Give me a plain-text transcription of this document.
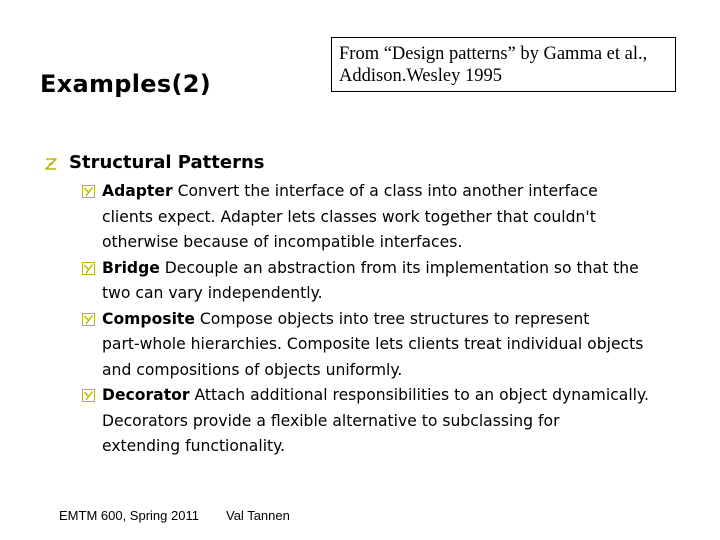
Examples(2)
From “Design patterns” by Gamma et al.,
Addison.Wesley 1995
Structural Patterns
Adapter Convert the interface of a class into another interface
clients expect. Adapter lets classes work together that couldn't
otherwise because of incompatible interfaces.
Bridge Decouple an abstraction from its implementation so that the
two can vary independently.
Composite Compose objects into tree structures to represent
part-whole hierarchies. Composite lets clients treat individual objects
and compositions of objects uniformly.
Decorator Attach additional responsibilities to an object dynamically.
Decorators provide a flexible alternative to subclassing for
extending functionality.
EMTM 600, Spring 2011 Val Tannen
